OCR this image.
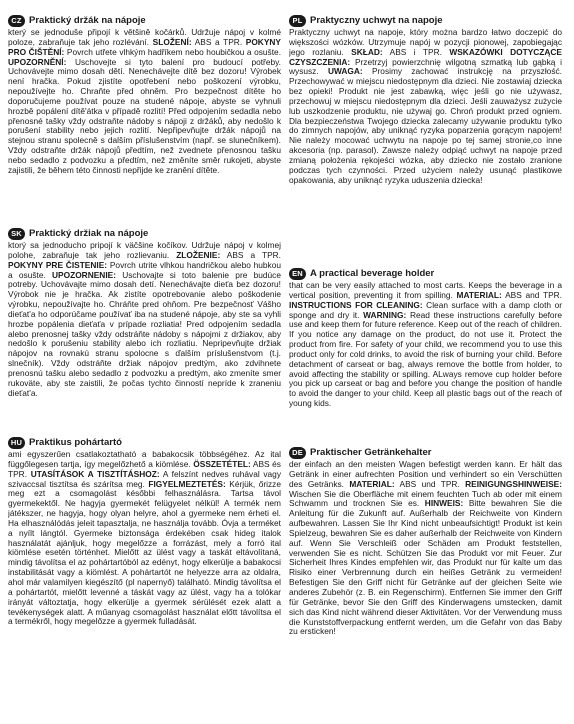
CZ Praktický držák na nápoje
který se jednoduše připojí k většině kočárků. Udržuje nápoj v kolmé poloze, zabraňuje tak jeho rozlévání. SLOŽENÍ: ABS a TPR. POKYNY PRO ČIŠTĚNÍ: Povrch utřete vlhkým hadříkem nebo houbičkou a osušte. UPOZORNĚNÍ: Uschovejte si tyto balení pro budoucí potřeby. Uchovávejte mimo dosah dětí. Nenechávejte dítě bez dozoru! Výrobek není hračka. Pokud zjistíte opotřebení nebo poškození výrobku, nepoužívejte ho. Chraňte před ohněm. Pro bezpečnost dítěte ho doporučujeme používat pouze na studené nápoje, abyste se vyhnuli hrozbě popálení dítě'átka v případě rozlití! Před odpojením sedadla nebo přenosné tašky vždy odstraňte nádoby s nápoji z držáků, aby nedošlo k porušení stability nebo jejich rozlití. Nepřipevňujte držák nápojů na stejnou stranu spolecně s dalším příslušenstvím (např. se slunečníkem). Vždy odstraňte držák nápojů předtím, než zvednete přenosnou tašku nebo sedadlo z podvozku a předtím, než změníte směr rukojeti, abyste zajistili, že během této činnosti nepřijde ke zranění dítěte.
SK Praktický držiak na nápoje
ktorý sa jednoducho pripojí k väčšine kočíkov. Udržuje nápoj v kolmej polohe, zabraňuje tak jeho rozlievaniu. ZLOŽENIE: ABS a TPR. POKYNY PRE ČISTENIE: Povrch utrite vlhkou handričkou alebo hubkou a osušte. UPOZORNENIE: Uschovajte si toto balenie pre budúce potreby. Uchovávajte mimo dosah detí. Nenechávajte dieťa bez dozoru! Výrobok nie je hračka. Ak zistíte opotrebovanie alebo poškodenie výrobku, nepoužívajte ho. Chráňte pred ohňom. Pre bezpečnosť Vášho dieťat'a ho odporúčame používať iba na studené nápoje, aby ste sa vyhli hrozbe popálenia dieťaťa v prípade rozliatia! Pred odpojením sedadla alebo prenosnej tašky vždy odstráňte nádoby s nápojmi z držiakov, aby nedošlo k porušeniu stability alebo ich rozliatiu. Nepripevňujte držiak nápojov na rovnakú stranu spolocne s ďalším príslušenstvom (t.j. slnečník). Vždy odstráňte držiak nápojov predtým, ako zdvihnete prenosnú tašku alebo sedadlo z podvozku a predtým, ako zmeníte smer rukoväte, aby ste zaistili, že počas tychto činností nepríde k zraneniu dieťat'a.
HU Praktikus pohártartó
ami egyszerűen csatlakoztatható a babakocsik többségéhez. Az ital függőlegesen tartja, így megelőzhető a kiömlése. ÖSSZETÉTEL: ABS és TPR. UTASÍTÁSOK A TISZTÍTÁSHOZ: A felszínt nedves ruhával vagy szivaccsal tisztítsa és szárítsa meg. FIGYELMEZTETÉS: Kérjük, őrizze meg ezt a csomagolást későbbi felhasználásra. Tartsa távol gyermekektől. Ne hagyja gyermekét felügyelet nélkül! A termék nem játékszer, ne hagyja, hogy olyan helyre, ahol a gyermeke nem érheti el. Ha elhasználódás jeleit tapasztalja, ne használja tovább. Óvja a terméket a nyílt lángtól. Gyermeke biztonsága érdekében csak hideg italok használatát ajánljuk, hogy megelőzze a forrázást, mely a forró ital kiömlése esetén történhet. Mielőtt az ülést vagy a taskát eltávolítaná, mindig távolítsa el az pohártartóból az edényt, hogy elkerülje a babakocsi instabilitását vagy a kiömlést. A pohártartót ne helyezze arra az oldalra, ahol már valamilyen kiegészítő (pl napernyő) található. Mindig távolítsa el a pohártartót, mielőtt levenné a táskát vagy az ülést, vagy ha a tolókar irányát változtatja, hogy elkerülje a gyermek sérülését ezek alatt a tevékenységek alatt. A műanyag csomagolást használat előtt távolítsa el a termékről, hogy megelőzze a gyermek fulladását.
PL Praktyczny uchwyt na napoje
Praktyczny uchwyt na napoje, który można bardzo łatwo doczepić do większości wózków. Utrzymuje napój w pozycji pionowej, zapobiegając jego rozlaniu. SKŁAD: ABS i TPR. WSKAZÓWKI DOTYCZĄCE CZYSZCZENIA: Przetrzyj powierzchnię wilgotną szmatką lub gąbką i wysusz. UWAGA: Prosimy zachować instrukcję na przyszłość. Przechowywać w miejscu niedostępnym dla dzieci. Nie zostawiaj dziecka bez opieki! Produkt nie jest zabawką, więc jeśli go nie używasz, przechowuj w miejscu niedostępnym dla dzieci. Jeśli zauważysz zużycie lub uszkodzenie produktu, nie używaj go. Chroń produkt przed ogniem. Dla bezpieczeństwa Twojego dziecka zalecamy używanie produktu tylko do zimnych napojów, aby uniknąć ryzyka poparzenia gorącym napojem! Nie należy mocować uchwytu na napoje po tej samej stronie,co inne akcesoria (np. parasol). Zawsze należy odpiąć uchwyt na napoje przed zmianą położenia rękojeści wózka, aby dziecko nie zostało zranione podczas tych czynności. Przed użyciem należy usunąć plastikowe opakowania, aby uniknąć ryzyka uduszenia dziecka!
EN A practical beverage holder
that can be very easily attached to most carts. Keeps the beverage in a vertical position, preventing it from spilling. MATERIAL: ABS and TPR. INSTRUCTIONS FOR CLEANING: Clean surface with a damp cloth or sponge and dry it. WARNING: Read these instructions carefully before use and keep them for future reference. Keep out of the reach of children. If you notice any damage on the product, do not use it. Protect the product from fire. For safety of your child, we recommend you to use this product only for cold drinks, to avoid the risk of burning your child. Before detachment of carseat or bag, always remove the bottle from holder, to avoid affecting the stability or spilling. ALways remove cup holder before you pick up carseat or bag and before you change the position of handle to avoid the danger to your child. Keep all plastic bags out of the reach of young kids.
DE Praktischer Getränkehalter
der einfach an den meisten Wagen befestigt werden kann. Er hält das Getränk in einer aufrechten Position und verhindert so ein Verschütten des Getränks. MATERIAL: ABS und TPR. REINIGUNGSHINWEISE: Wischen Sie die Oberfläche mit einem feuchten Tuch ab oder mit einem Schwamm und trocknen Sie es. HINWEIS: Bitte bewahren Sie die Anleitung für die Zukunft auf. Außerhalb der Reichweite von Kindern aufbewahren. Lassen Sie Ihr Kind nicht unbeaufsichtigt! Produkt ist kein Spielzeug, bewahren Sie es daher außerhalb der Reichweite von Kindern auf. Wenn Sie Verschleiß oder Schäden am Produkt feststellen, verwenden Sie es nicht. Schützen Sie das Produkt vor mit Feuer. Zur Sicherheit Ihres Kindes empfehlen wir, das Produkt nur für kalte um das Risiko einer Verbrennung durch ein heißes Getränk zu vermeiden! Befestigen Sie den Griff nicht für Getränke auf der gleichen Seite wie anderes Zubehör (z. B. ein Regenschirm). Entfernen Sie immer den Griff für Getränke, bevor Sie den Griff des Kinderwagens umstecken, damit sich das Kind nicht während dieser Aktivitäten. Vor der Verwendung muss die Kunststoffverpackung entfernt werden, um die Gefahr von das Baby zu ersticken!
